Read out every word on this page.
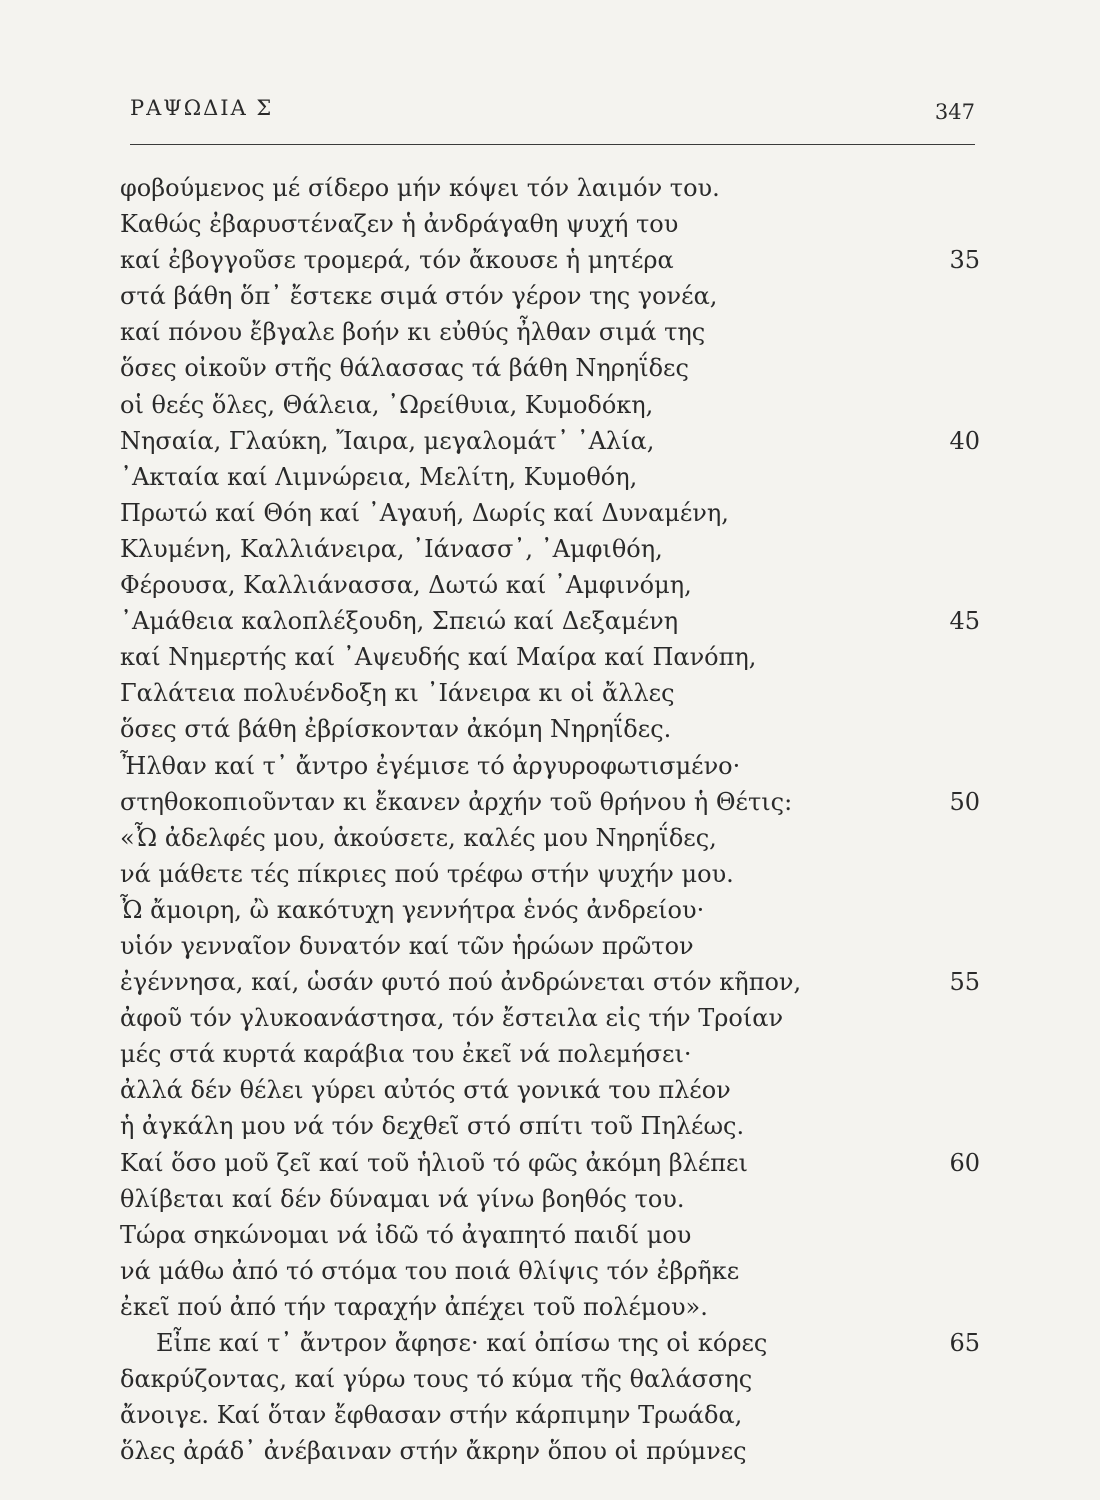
ΡΑΨΩΔΙΑ Σ	347
φοβούμενος μέ σίδερο μήν κόψει τόν λαιμόν του.
Καθώς ἐβαρυστέναζεν ἡ ἀνδράγαθη ψυχή του
καί ἐβογγοῦσε τρομερά, τόν ἄκουσε ἡ μητέρα	35
στά βάθη ὅπ᾿ ἔστεκε σιμά στόν γέρον της γονέα,
καί πόνου ἔβγαλε βοήν κι εὐθύς ἦλθαν σιμά της
ὅσες οἰκοῦν στῆς θάλασσας τά βάθη Νηρηΐδες
οἱ θεές ὅλες, Θάλεια, ᾿Ωρείθυια, Κυμοδόκη,
Νησαία, Γλαύκη, Ἴαιρα, μεγαλομάτ᾿ ᾿Αλία,	40
᾿Ακταία καί Λιμνώρεια, Μελίτη, Κυμοθόη,
Πρωτώ καί Θόη καί ᾿Αγαυή, Δωρίς καί Δυναμένη,
Κλυμένη, Καλλιάνειρα, ᾿Ιάνασσ᾿, ᾿Αμφιθόη,
Φέρουσα, Καλλιάνασσα, Δωτώ καί ᾿Αμφινόμη,
᾿Αμάθεια καλοπλέξουδη, Σπειώ καί Δεξαμένη	45
καί Νημερτής καί ᾿Αψευδής καί Μαίρα καί Πανόπη,
Γαλάτεια πολυένδοξη κι ᾿Ιάνειρα κι οἱ ἄλλες
ὅσες στά βάθη ἐβρίσκονταν ἀκόμη Νηρηΐδες.
Ἦλθαν καί τ᾿ ἄντρο ἐγέμισε τό ἀργυροφωτισμένο·
στηθοκοπιοῦνταν κι ἔκανεν ἀρχήν τοῦ θρήνου ἡ Θέτις:	50
«Ὦ ἀδελφές μου, ἀκούσετε, καλές μου Νηρηΐδες,
νά μάθετε τές πίκριες πού τρέφω στήν ψυχήν μου.
Ὦ ἄμοιρη, ὢ κακότυχη γεννήτρα ἑνός ἀνδρείου·
υἱόν γενναῖον δυνατόν καί τῶν ἡρώων πρῶτον
ἐγέννησα, καί, ὡσάν φυτό πού ἀνδρώνεται στόν κῆπον,	55
ἀφοῦ τόν γλυκοανάστησα, τόν ἔστειλα εἰς τήν Τροίαν
μές στά κυρτά καράβια του ἐκεῖ νά πολεμήσει·
ἀλλά δέν θέλει γύρει αὐτός στά γονικά του πλέον
ἡ ἀγκάλη μου νά τόν δεχθεῖ στό σπίτι τοῦ Πηλέως.
Καί ὅσο μοῦ ζεῖ καί τοῦ ἡλιοῦ τό φῶς ἀκόμη βλέπει	60
θλίβεται καί δέν δύναμαι νά γίνω βοηθός του.
Τώρα σηκώνομαι νά ἰδῶ τό ἀγαπητό παιδί μου
νά μάθω ἀπό τό στόμα του ποιά θλίψις τόν ἐβρῆκε
ἐκεῖ πού ἀπό τήν ταραχήν ἀπέχει τοῦ πολέμου».
Εἶπε καί τ᾿ ἄντρον ἄφησε· καί ὀπίσω της οἱ κόρες	65
δακρύζοντας, καί γύρω τους τό κύμα τῆς θαλάσσης
ἄνοιγε. Καί ὅταν ἔφθασαν στήν κάρπιμην Τρωάδα,
ὅλες ἀράδ᾿ ἀνέβαιναν στήν ἄκρην ὅπου οἱ πρύμνες
